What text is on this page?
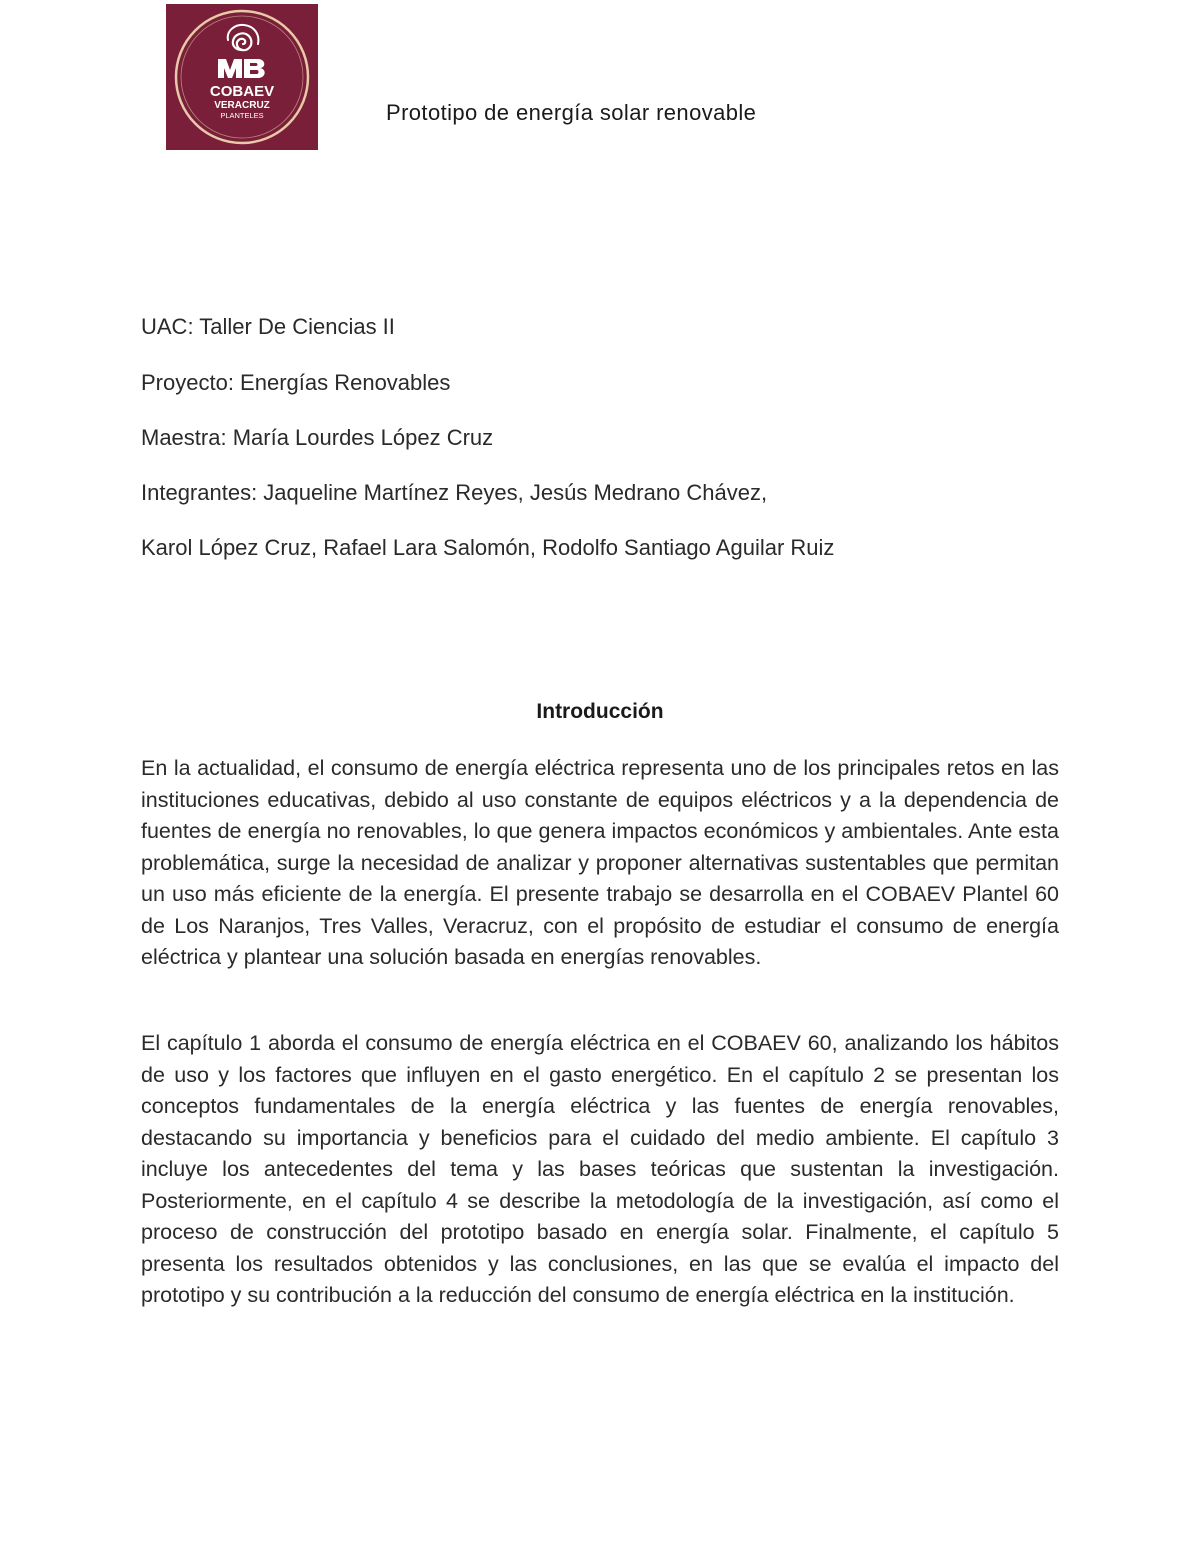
COBAEV
VERACRUZ
PLANTELES	Prototipo de energía solar renovable
UAC: Taller De Ciencias II
Proyecto: Energías Renovables
Maestra: María Lourdes López Cruz
Integrantes: Jaqueline Martínez Reyes, Jesús Medrano Chávez,
Karol López Cruz, Rafael Lara Salomón, Rodolfo Santiago Aguilar Ruiz
Introducción

En la actualidad, el consumo de energía eléctrica representa uno de los principales retos en las instituciones educativas, debido al uso constante de equipos eléctricos y a la dependencia de fuentes de energía no renovables, lo que genera impactos económicos y ambientales. Ante esta problemática, surge la necesidad de analizar y proponer alternativas sustentables que permitan un uso más eficiente de la energía. El presente trabajo se desarrolla en el COBAEV Plantel 60 de Los Naranjos, Tres Valles, Veracruz, con el propósito de estudiar el consumo de energía eléctrica y plantear una solución basada en energías renovables.

El capítulo 1 aborda el consumo de energía eléctrica en el COBAEV 60, analizando los hábitos de uso y los factores que influyen en el gasto energético. En el capítulo 2 se presentan los conceptos fundamentales de la energía eléctrica y las fuentes de energía renovables, destacando su importancia y beneficios para el cuidado del medio ambiente. El capítulo 3 incluye los antecedentes del tema y las bases teóricas que sustentan la investigación. Posteriormente, en el capítulo 4 se describe la metodología de la investigación, así como el proceso de construcción del prototipo basado en energía solar. Finalmente, el capítulo 5 presenta los resultados obtenidos y las conclusiones, en las que se evalúa el impacto del prototipo y su contribución a la reducción del consumo de energía eléctrica en la institución.
